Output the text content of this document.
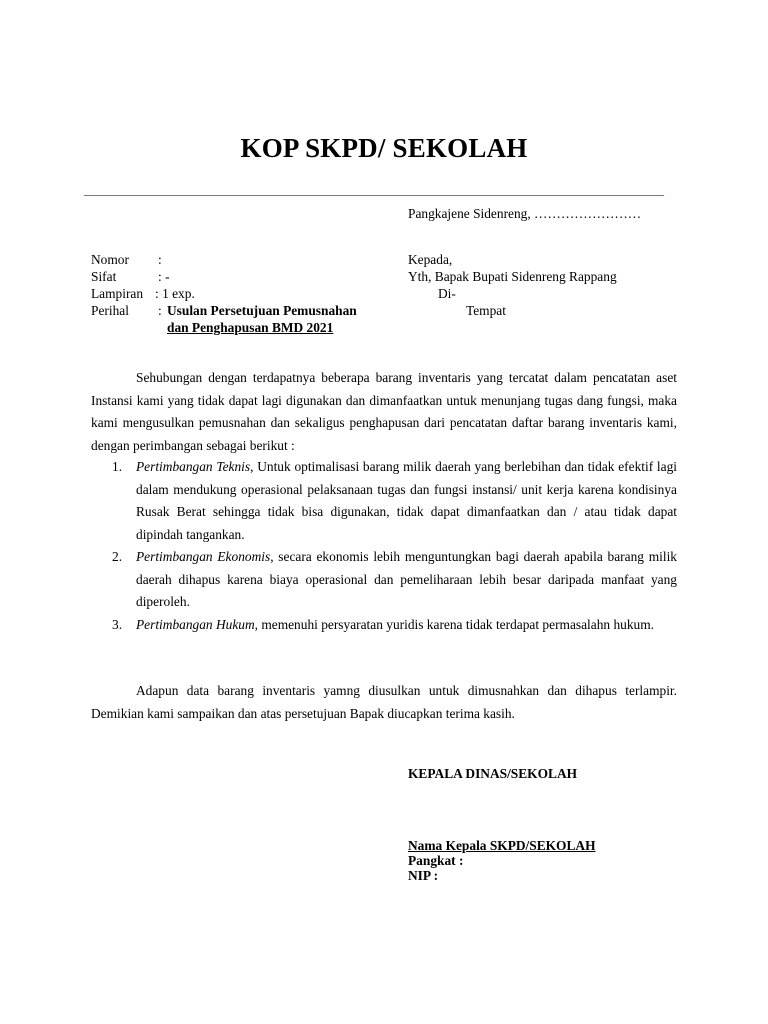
KOP SKPD/ SEKOLAH
Pangkajene Sidenreng, ……………………
Nomor :
Sifat	: -
Lampiran : 1 exp.
Perihal : Usulan Persetujuan Pemusnahan
dan Penghapusan BMD 2021
Kepada,
Yth, Bapak Bupati Sidenreng Rappang
Di-
Tempat

Sehubungan dengan terdapatnya beberapa barang inventaris yang tercatat dalam pencatatan aset Instansi kami yang tidak dapat lagi digunakan dan dimanfaatkan untuk menunjang tugas dang fungsi, maka kami mengusulkan pemusnahan dan sekaligus penghapusan dari pencatatan daftar barang inventaris kami, dengan perimbangan sebagai berikut :

1. Pertimbangan Teknis, Untuk optimalisasi barang milik daerah yang berlebihan dan tidak efektif lagi dalam mendukung operasional pelaksanaan tugas dan fungsi instansi/ unit kerja karena kondisinya Rusak Berat sehingga tidak bisa digunakan, tidak dapat dimanfaatkan dan / atau tidak dapat dipindah tangankan.
2. Pertimbangan Ekonomis, secara ekonomis lebih menguntungkan bagi daerah apabila barang milik daerah dihapus karena biaya operasional dan pemeliharaan lebih besar daripada manfaat yang diperoleh.
3. Pertimbangan Hukum, memenuhi persyaratan yuridis karena tidak terdapat permasalahn hukum.

Adapun data barang inventaris yamng diusulkan untuk dimusnahkan dan dihapus terlampir. Demikian kami sampaikan dan atas persetujuan Bapak diucapkan terima kasih.

KEPALA DINAS/SEKOLAH
Nama Kepala SKPD/SEKOLAH
Pangkat :
NIP :
